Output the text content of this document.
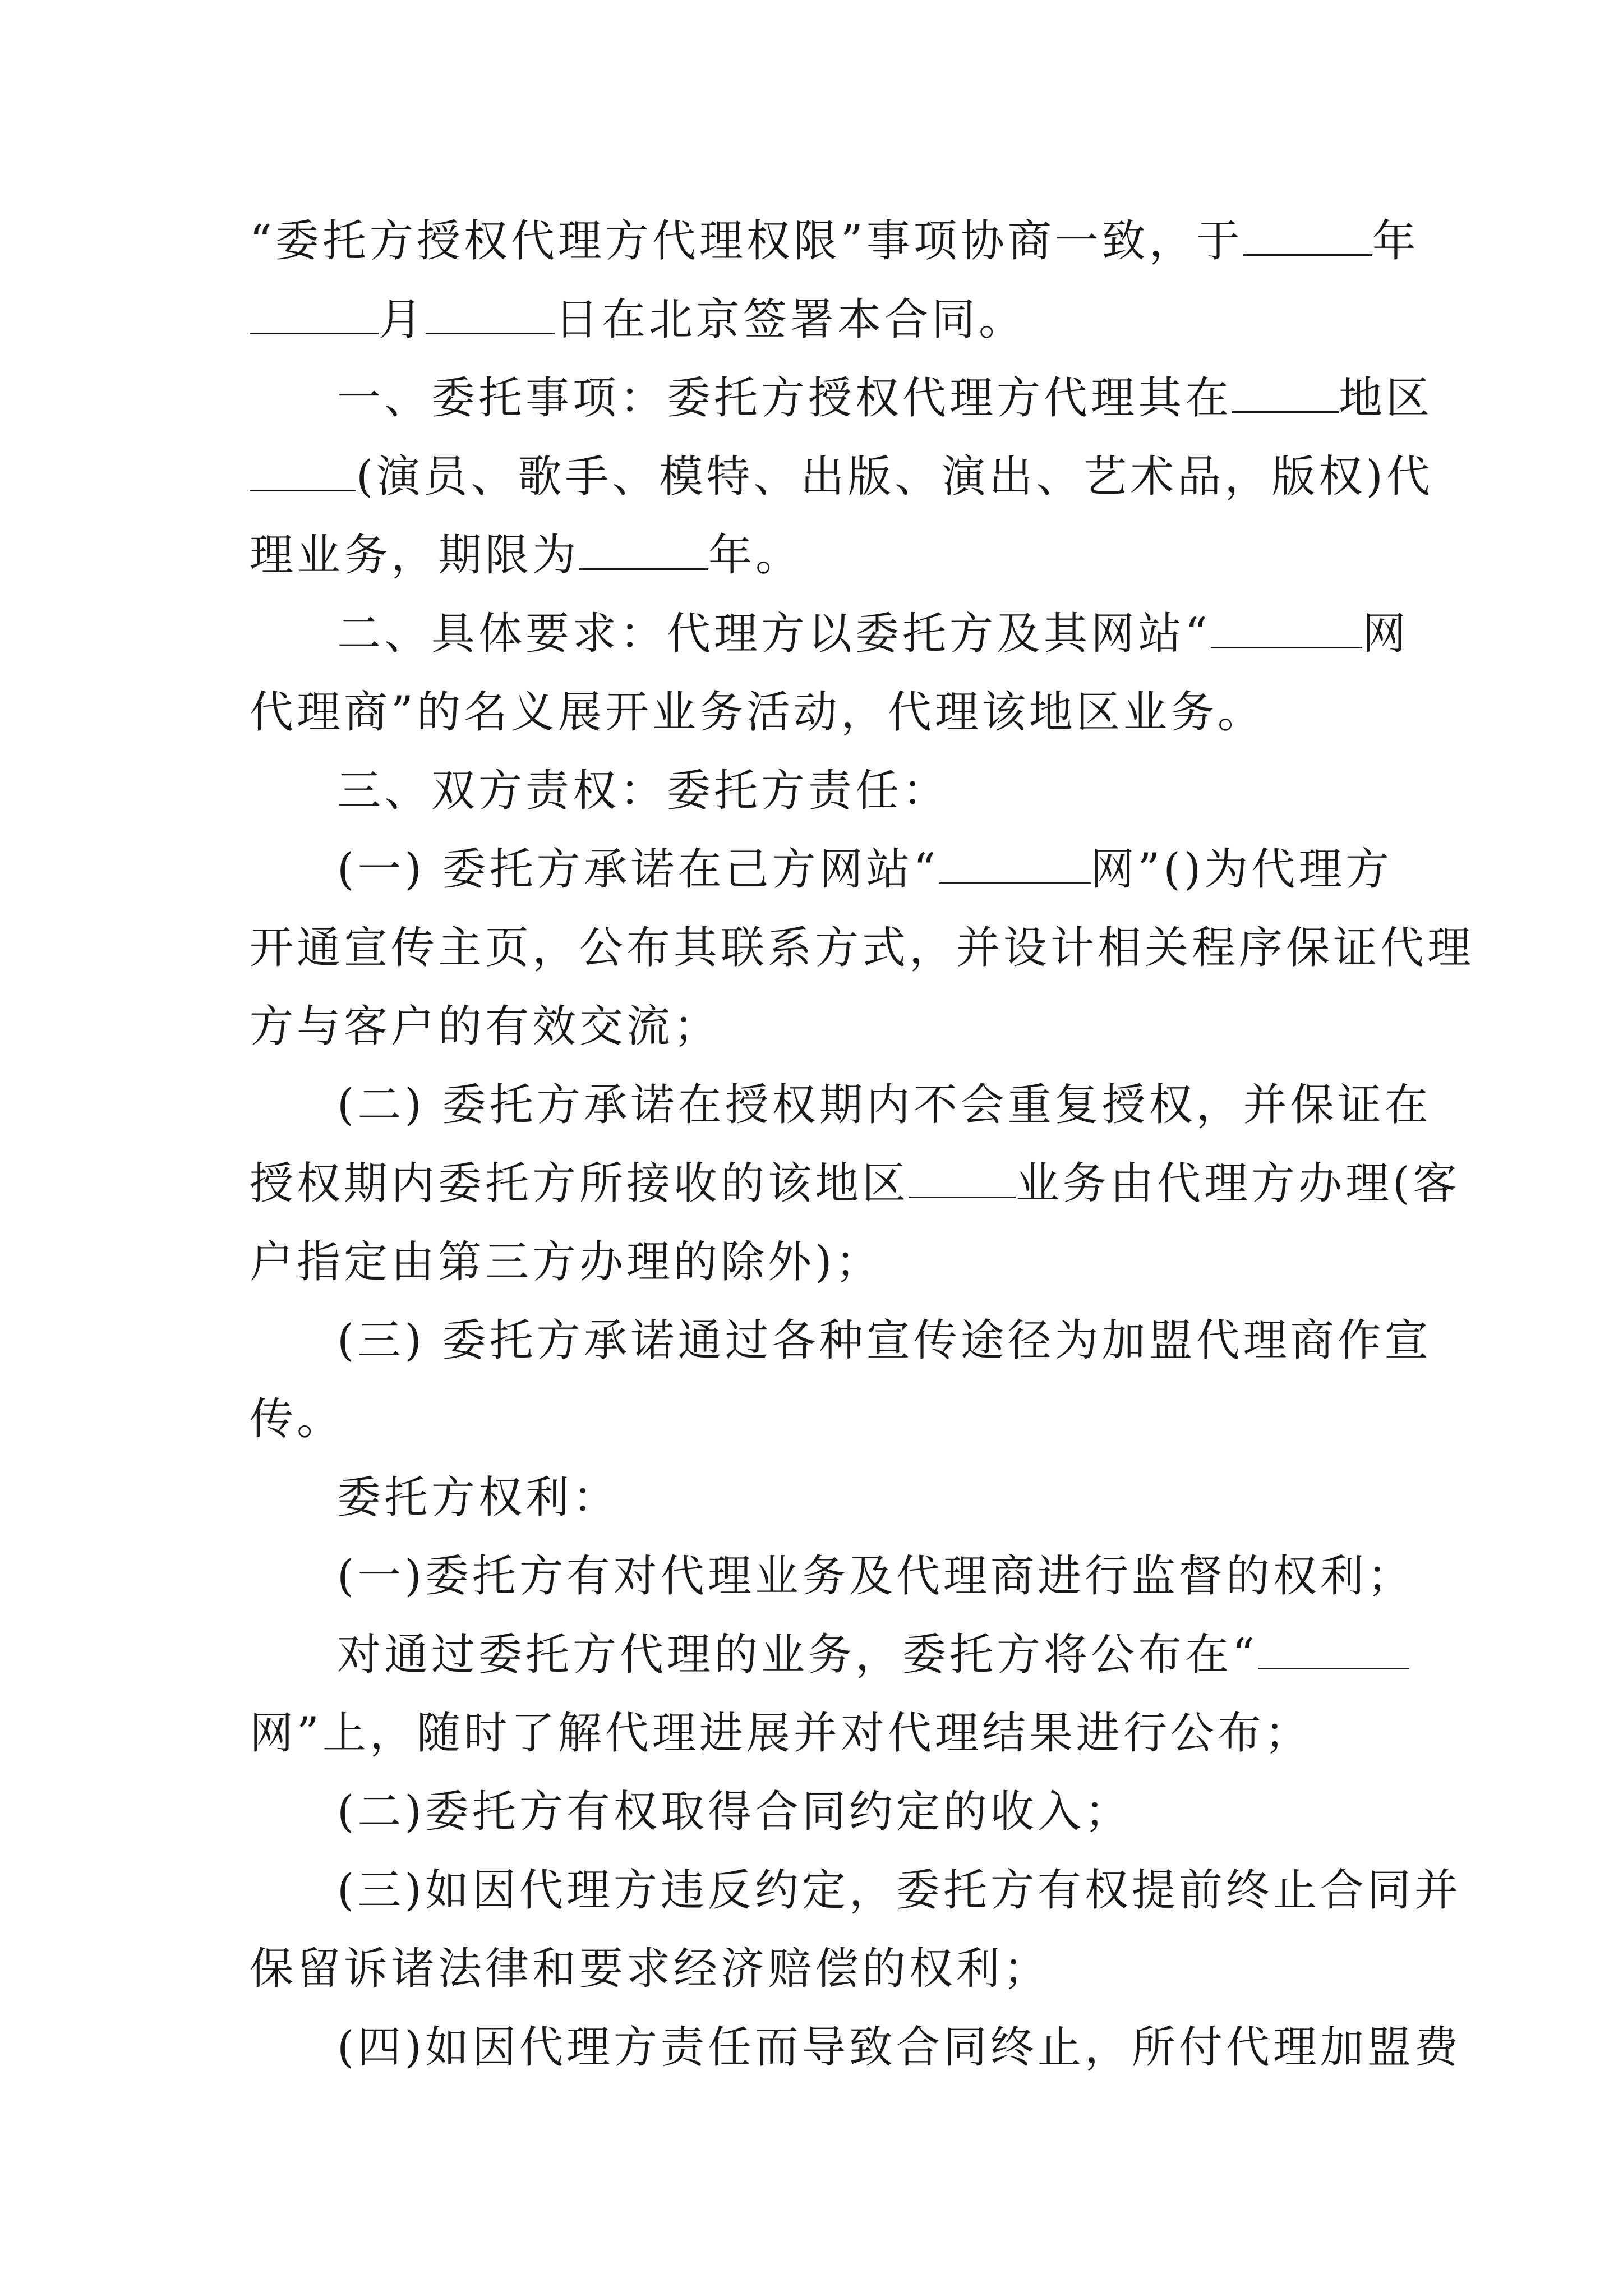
“委托方授权代理方代理权限”事项协商一致，于	年
月	日在北京签署本合同。
一、委托事项：委托方授权代理方代理其在 地区
(演员、歌手、模特、出版、演出、艺术品，版权)代
理业务，期限为	年。
二、具体要求：代理方以委托方及其网站“	网
代理商”的名义展开业务活动，代理该地区业务。
三、双方责权：委托方责任：
(一) 委托方承诺在己方网站“	网”()为代理方
开通宣传主页，公布其联系方式，并设计相关程序保证代理
方与客户的有效交流；
(二) 委托方承诺在授权期内不会重复授权，并保证在
授权期内委托方所接收的该地区 业务由代理方办理(客
户指定由第三方办理的除外)；
(三) 委托方承诺通过各种宣传途径为加盟代理商作宣
传。
委托方权利：
(一)委托方有对代理业务及代理商进行监督的权利；
对通过委托方代理的业务，委托方将公布在“
网”上，随时了解代理进展并对代理结果进行公布；
(二)委托方有权取得合同约定的收入；
(三)如因代理方违反约定，委托方有权提前终止合同并
保留诉诸法律和要求经济赔偿的权利；
(四)如因代理方责任而导致合同终止，所付代理加盟费
